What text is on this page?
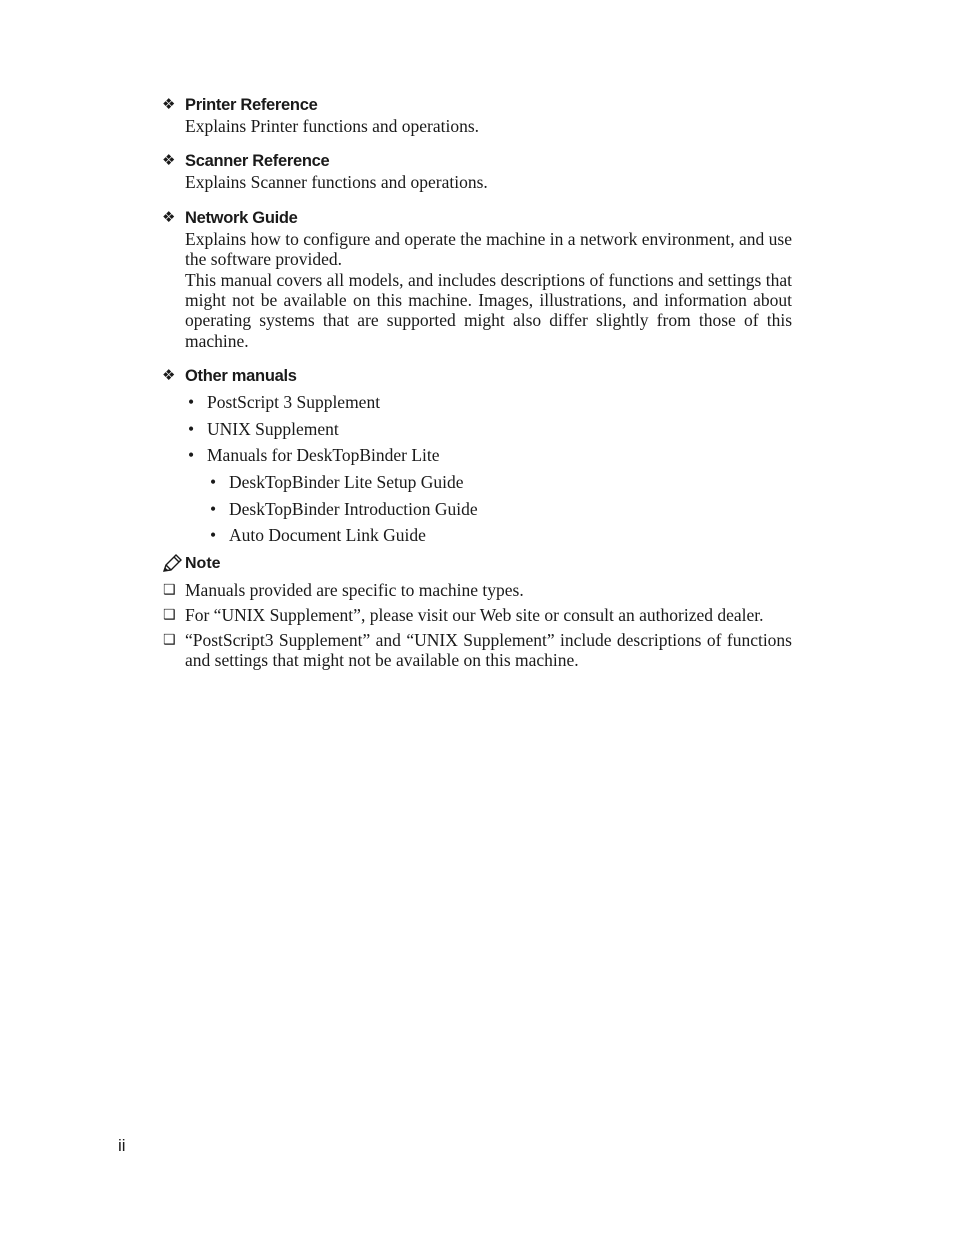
❖ Printer Reference
Explains Printer functions and operations.
❖ Scanner Reference
Explains Scanner functions and operations.
❖ Network Guide
Explains how to configure and operate the machine in a network environment, and use the software provided.
This manual covers all models, and includes descriptions of functions and settings that might not be available on this machine. Images, illustrations, and information about operating systems that are supported might also differ slightly from those of this machine.
❖ Other manuals
• PostScript 3 Supplement
• UNIX Supplement
• Manuals for DeskTopBinder Lite
• DeskTopBinder Lite Setup Guide
• DeskTopBinder Introduction Guide
• Auto Document Link Guide
Note
❑ Manuals provided are specific to machine types.
❑ For “UNIX Supplement”, please visit our Web site or consult an authorized dealer.
❑ “PostScript3 Supplement” and “UNIX Supplement” include descriptions of functions and settings that might not be available on this machine.
ii
